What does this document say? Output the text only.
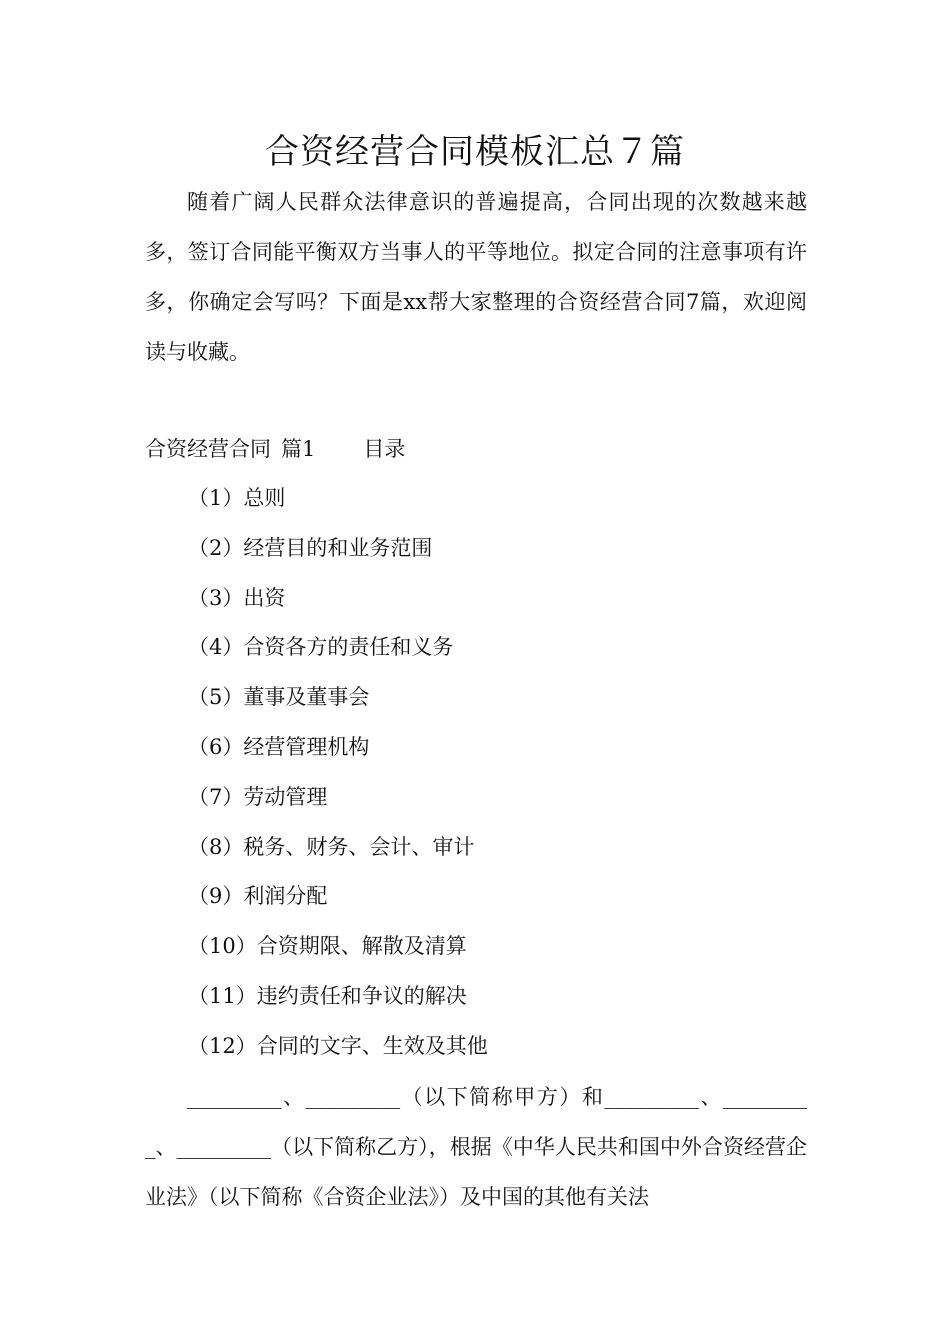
合资经营合同模板汇总７篇

随着广阔人民群众法律意识的普遍提高，合同出现的次数越来越多，签订合同能平衡双方当事人的平等地位。拟定合同的注意事项有许多，你确定会写吗？下面是xx帮大家整理的合资经营合同7篇，欢迎阅读与收藏。

合资经营合同 篇1 目录

（1）总则
（2）经营目的和业务范围
（3）出资
（4）合资各方的责任和义务
（5）董事及董事会
（6）经营管理机构
（7）劳动管理
（8）税务、财务、会计、审计
（9）利润分配
（10）合资期限、解散及清算
（11）违约责任和争议的解决
（12）合同的文字、生效及其他

_________、_________（以下简称甲方）和_________、_________、_________（以下简称乙方），根据《中华人民共和国中外合资经营企业法》（以下简称《合资企业法》）及中国的其他有关法
